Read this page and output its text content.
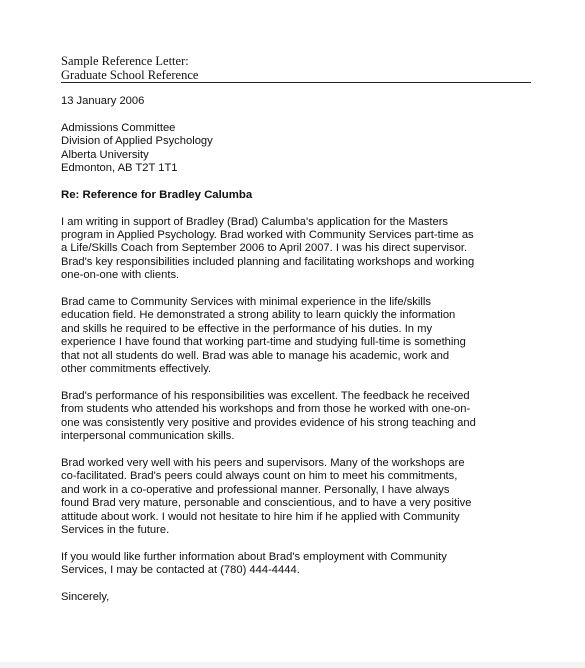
Sample Reference Letter:
Graduate School Reference
13 January 2006
Admissions Committee
Division of Applied Psychology
Alberta University
Edmonton, AB T2T 1T1
Re: Reference for Bradley Calumba
I am writing in support of Bradley (Brad) Calumba's application for the Masters
program in Applied Psychology. Brad worked with Community Services part-time as
a Life/Skills Coach from September 2006 to April 2007. I was his direct supervisor.
Brad's key responsibilities included planning and facilitating workshops and working
one-on-one with clients.
Brad came to Community Services with minimal experience in the life/skills
education field. He demonstrated a strong ability to learn quickly the information
and skills he required to be effective in the performance of his duties. In my
experience I have found that working part-time and studying full-time is something
that not all students do well. Brad was able to manage his academic, work and
other commitments effectively.
Brad's performance of his responsibilities was excellent. The feedback he received
from students who attended his workshops and from those he worked with one-on-
one was consistently very positive and provides evidence of his strong teaching and
interpersonal communication skills.
Brad worked very well with his peers and supervisors. Many of the workshops are
co-facilitated. Brad's peers could always count on him to meet his commitments,
and work in a co-operative and professional manner. Personally, I have always
found Brad very mature, personable and conscientious, and to have a very positive
attitude about work. I would not hesitate to hire him if he applied with Community
Services in the future.
If you would like further information about Brad's employment with Community
Services, I may be contacted at (780) 444-4444.
Sincerely,
